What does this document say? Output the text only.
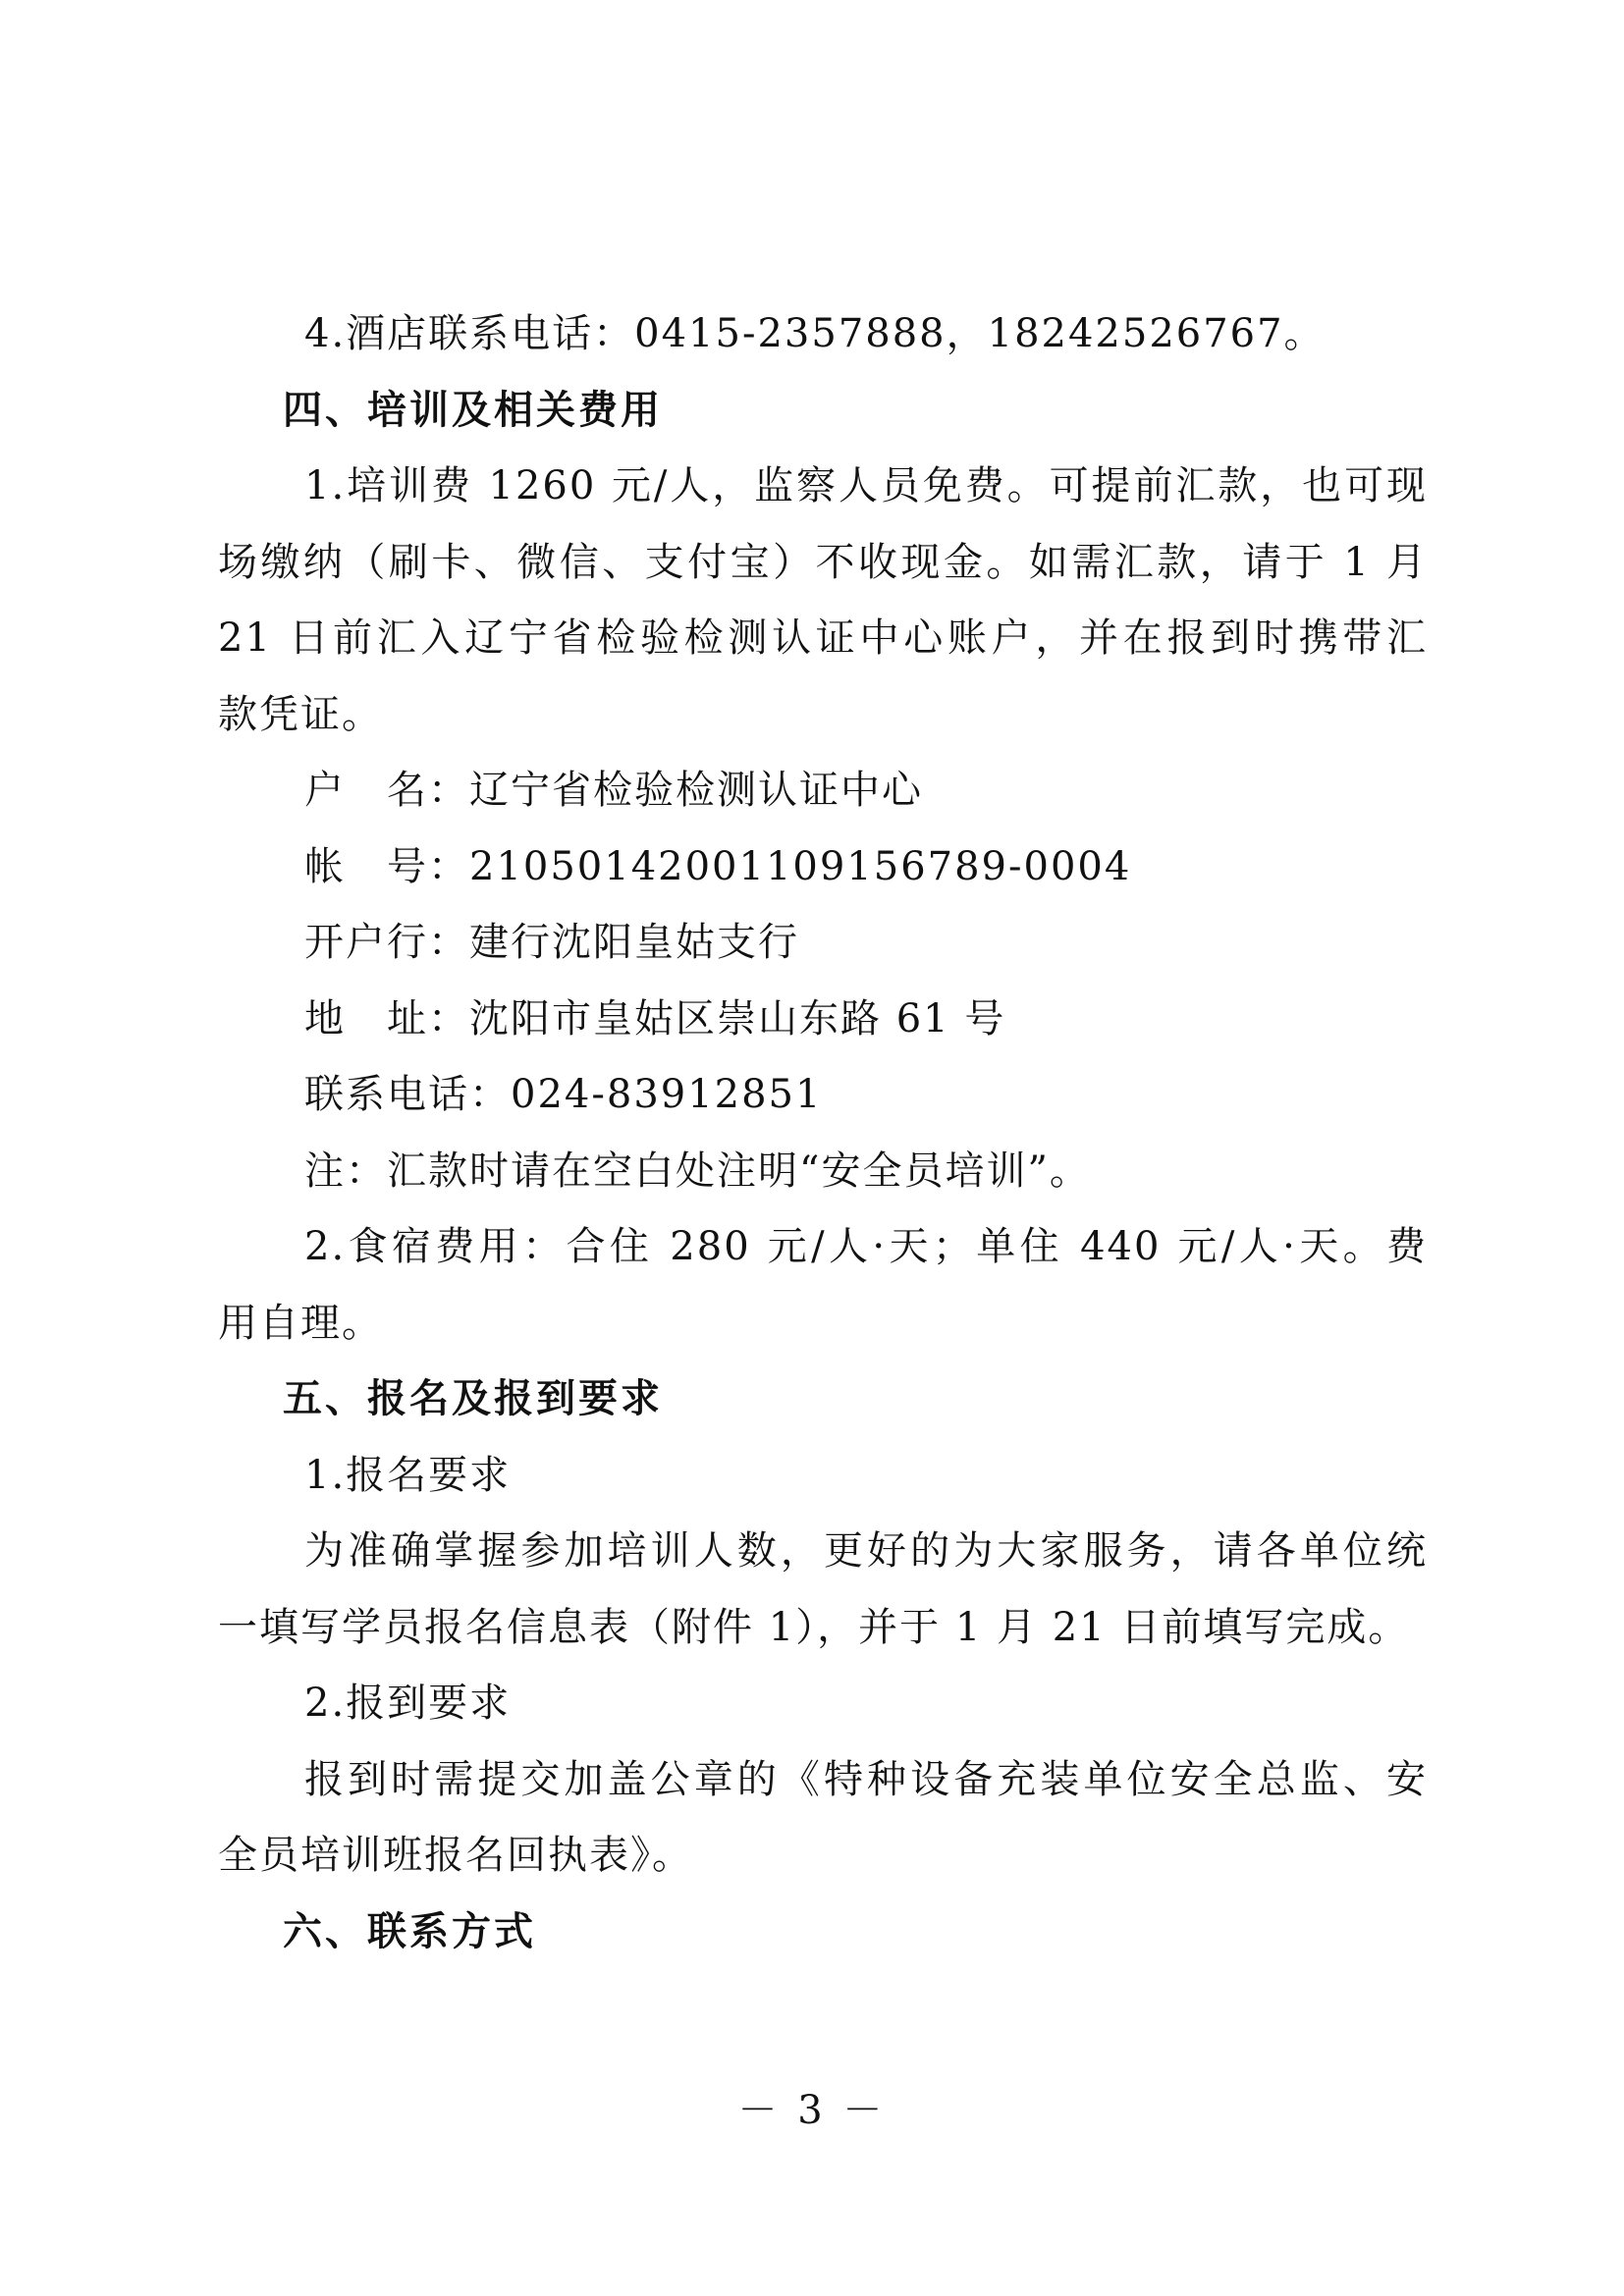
4.酒店联系电话：0415-2357888，18242526767。
四、培训及相关费用
1.培训费 1260 元/人，监察人员免费。可提前汇款，也可现
场缴纳（刷卡、微信、支付宝）不收现金。如需汇款，请于 1 月
21 日前汇入辽宁省检验检测认证中心账户，并在报到时携带汇
款凭证。
户　名：辽宁省检验检测认证中心
帐　号：21050142001109156789-0004
开户行：建行沈阳皇姑支行
地　址：沈阳市皇姑区崇山东路 61 号
联系电话：024-83912851
注：汇款时请在空白处注明“安全员培训”。
2.食宿费用：合住 280 元/人·天；单住 440 元/人·天。费
用自理。
五、报名及报到要求
1.报名要求
为准确掌握参加培训人数，更好的为大家服务，请各单位统
一填写学员报名信息表（附件 1），并于 1 月 21 日前填写完成。
2.报到要求
报到时需提交加盖公章的《特种设备充装单位安全总监、安
全员培训班报名回执表》。
六、联系方式
－ 3 －
